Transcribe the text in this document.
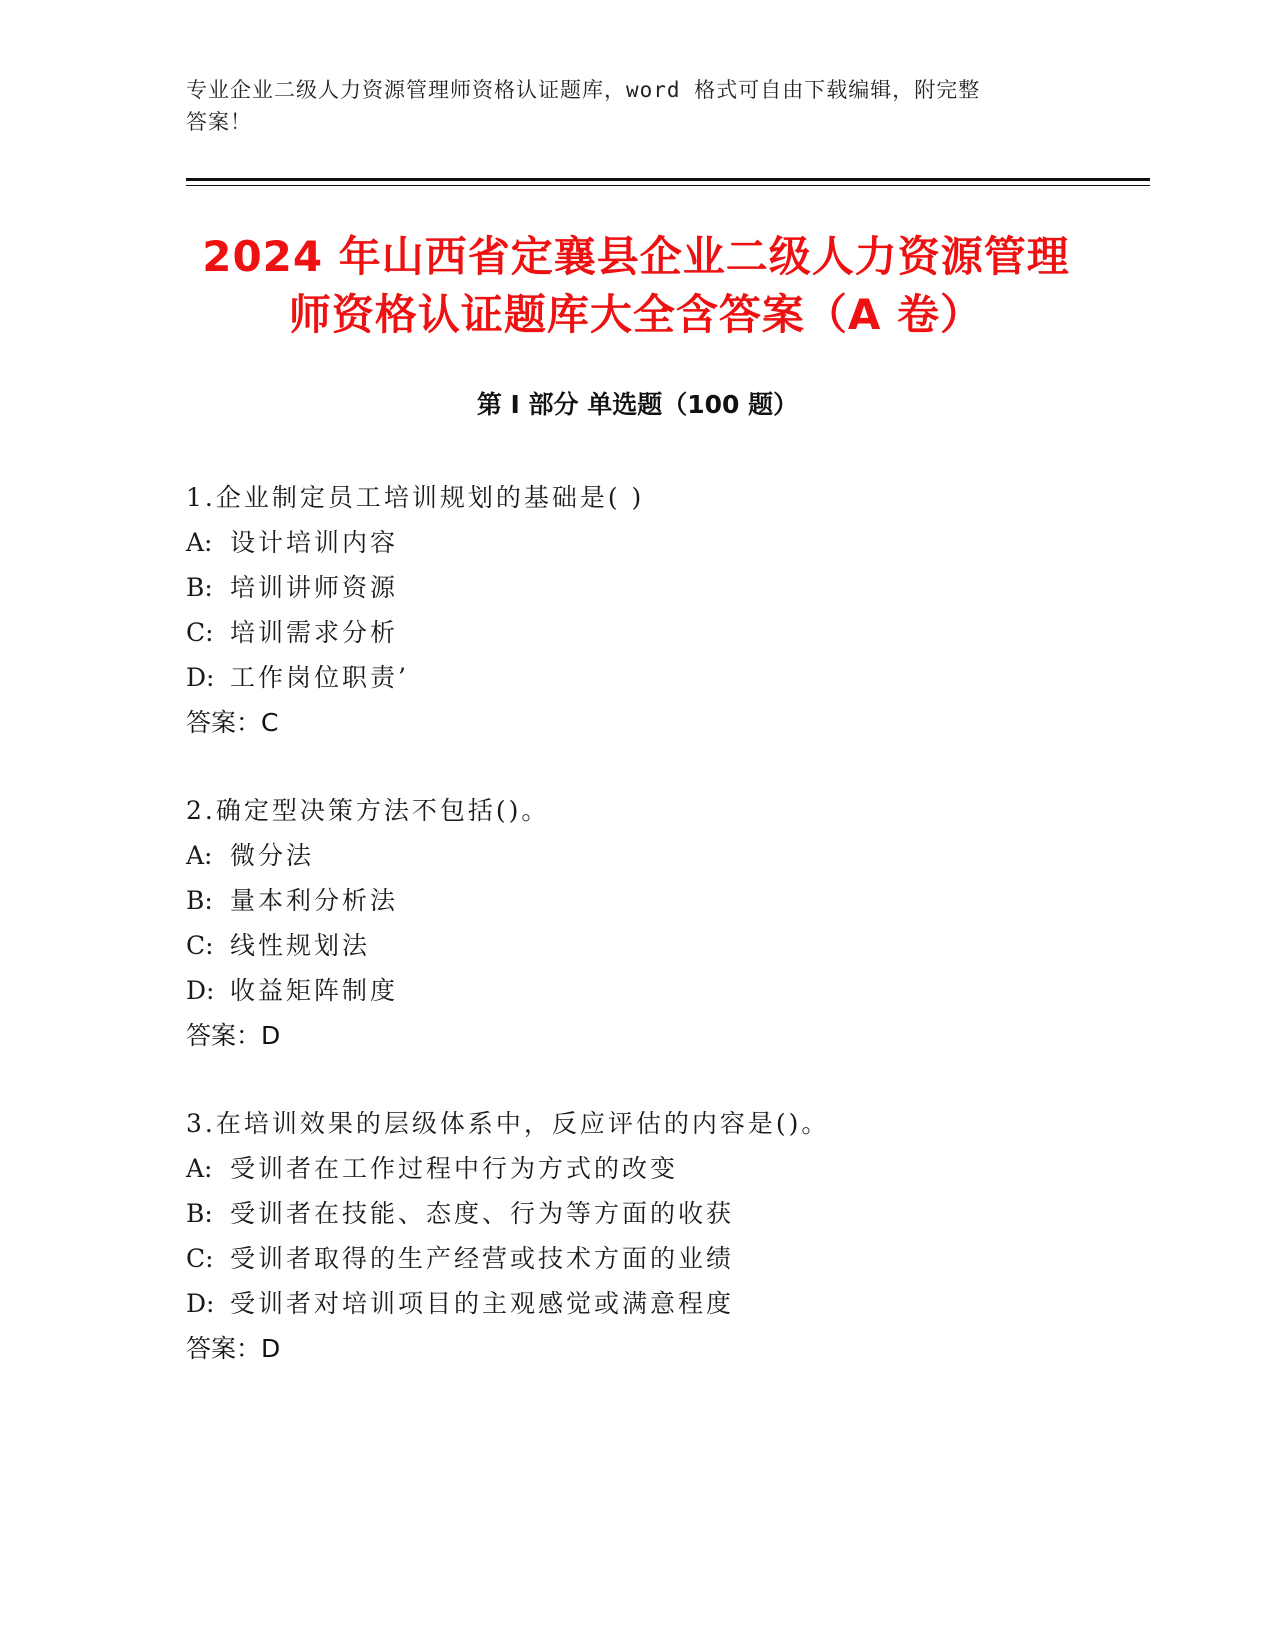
专业企业二级人力资源管理师资格认证题库，word 格式可自由下载编辑，附完整
答案！
2024 年山西省定襄县企业二级人力资源管理
师资格认证题库大全含答案（A 卷）
第 I 部分 单选题（100 题）
1.企业制定员工培训规划的基础是( )
A: 设计培训内容
B: 培训讲师资源
C: 培训需求分析
D: 工作岗位职责’
答案：C
2.确定型决策方法不包括()。
A: 微分法
B: 量本利分析法
C: 线性规划法
D: 收益矩阵制度
答案：D
3.在培训效果的层级体系中，反应评估的内容是()。
A: 受训者在工作过程中行为方式的改变
B: 受训者在技能、态度、行为等方面的收获
C: 受训者取得的生产经营或技术方面的业绩
D: 受训者对培训项目的主观感觉或满意程度
答案：D
